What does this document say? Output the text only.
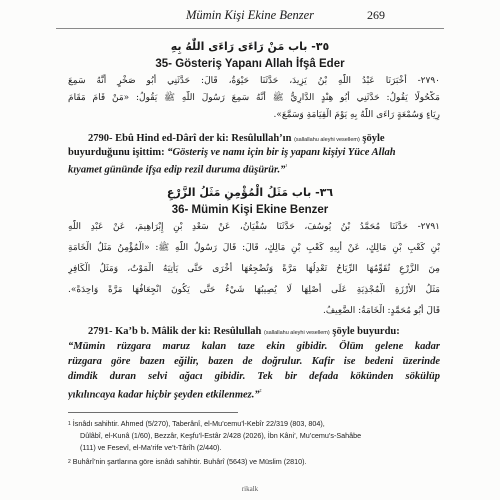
Mümin Kişi Ekine Benzer	269
٣٥- باب مَنْ رَاءَى رَاءَى اللّٰهُ بِهِ
35- Gösteriş Yapanı Allah İfşâ Eder
٢٧٩٠- أَخْبَرَنَا عَبْدُ اللّٰهِ بْنُ يَزِيدَ، حَدَّثَنَا حَيْوَةُ، قَالَ: حَدَّثَنِي أَبُو صَخْرٍ أَنَّهُ سَمِعَ
مَكْحُولًا يَقُولُ: حَدَّثَنِي أَبُو هِنْدٍ الدَّارِيُّ ﷺ أَنَّهُ سَمِعَ رَسُولَ اللّٰهِ ﷺ يَقُولُ: «مَنْ قَامَ مَقَامَ
رِيَاءٍ وَسُمْعَةٍ رَاءَى اللّٰهُ بِهِ يَوْمَ الْقِيَامَةِ وَسَمَّعَ».
2790- Ebû Hind ed-Dârî der ki: Resûlullah’ın (sallallahu aleyhi vesellem) şöyle
buyurduğunu işittim: “Gösteriş ve namı için bir iş yapanı kişiyi Yüce Allah
kıyamet gününde ifşa edip rezil duruma düşürür.”$^{^1}$
٣٦- باب مَثَلُ الْمُؤْمِنِ مَثَلُ الزَّرْعِ
36- Mümin Kişi Ekine Benzer
٢٧٩١- حَدَّثَنَا مُحَمَّدُ بْنُ يُوسُفَ، حَدَّثَنَا سُفْيَانُ، عَنْ سَعْدِ بْنِ إِبْرَاهِيمَ، عَنْ عَبْدِ اللّٰهِ
بْنِ كَعْبِ بْنِ مَالِكٍ، عَنْ أَبِيهِ كَعْبِ بْنِ مَالِكٍ، قَالَ: قَالَ رَسُولُ اللّٰهِ ﷺ: «الْمُؤْمِنُ مَثَلُ الْخَامَةِ
مِنَ الزَّرْعِ تُقَوِّمُهَا الرِّيَاحُ تَعْدِلُهَا مَرَّةً وَتُضْجِعُهَا أُخْرَى حَتَّى يَأْتِيَهُ الْمَوْتُ، وَمَثَلُ الْكَافِرِ
مَثَلُ الأَرْزَةِ الْمُجْذِيَةِ عَلَى أَصْلِهَا لَا يُصِيبُهَا شَيْءٌ حَتَّى يَكُونَ انْجِعَافُهَا مَرَّةً وَاحِدَةً».
قَالَ أَبُو مُحَمَّدٍ: الْخَامَةُ: الضَّعِيفُ.
2791- Ka’b b. Mâlik der ki: Resûlullah (sallallahu aleyhi vesellem) şöyle buyurdu:
“Mümin rüzgara maruz kalan taze ekin gibidir. Ölüm gelene kadar
rüzgara göre bazen eğilir, bazen de doğrulur. Kafir ise bedeni üzerinde
dimdik duran selvi ağacı gibidir. Tek bir defada kökünden sökülüp
yıkılıncaya kadar hiçbir şeyden etkilenmez.”$^{^2}$
$^1$ İsnâdı sahihtir. Ahmed (5/270), Taberânî, el-Mu’cemu’l-Kebîr 22/319 (803, 804),
Dûlâbî, el-Kunâ (1/60), Bezzâr, Keşfu’l-Estâr 2/428 (2026), İbn Kâni’, Mu’cemu’s-Sahâbe
(111) ve Fesevî, el-Ma’rife ve’t-Târîh (2/440).
$^2$ Buhârî’nin şartlarına göre isnâdı sahihtir. Buhârî (5643) ve Müslim (2810).
rikalk
